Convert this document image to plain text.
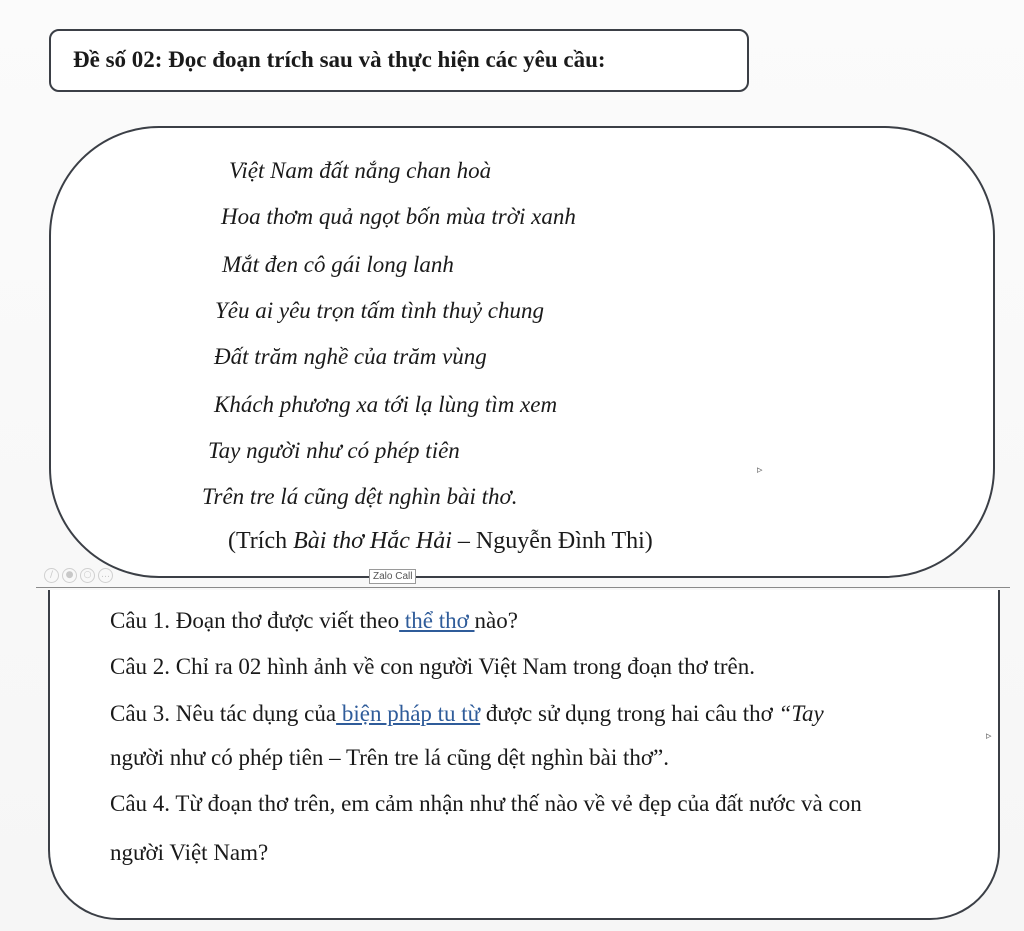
Đề số 02: Đọc đoạn trích sau và thực hiện các yêu cầu:
Việt Nam đất nắng chan hoà
Hoa thơm quả ngọt bốn mùa trời xanh
Mắt đen cô gái long lanh
Yêu ai yêu trọn tấm tình thuỷ chung
Đất trăm nghề của trăm vùng
Khách phương xa tới lạ lùng tìm xem
Tay người như có phép tiên
Trên tre lá cũng dệt nghìn bài thơ.
(Trích Bài thơ Hắc Hải – Nguyễn Đình Thi)
▹
∕	●	○	…	Zalo Call
Câu 1. Đoạn thơ được viết theo thể thơ nào?
Câu 2. Chỉ ra 02 hình ảnh về con người Việt Nam trong đoạn thơ trên.
Câu 3. Nêu tác dụng của biện pháp tu từ được sử dụng trong hai câu thơ “Tay
người như có phép tiên – Trên tre lá cũng dệt nghìn bài thơ”.
Câu 4. Từ đoạn thơ trên, em cảm nhận như thế nào về vẻ đẹp của đất nước và con
người Việt Nam?
▹
